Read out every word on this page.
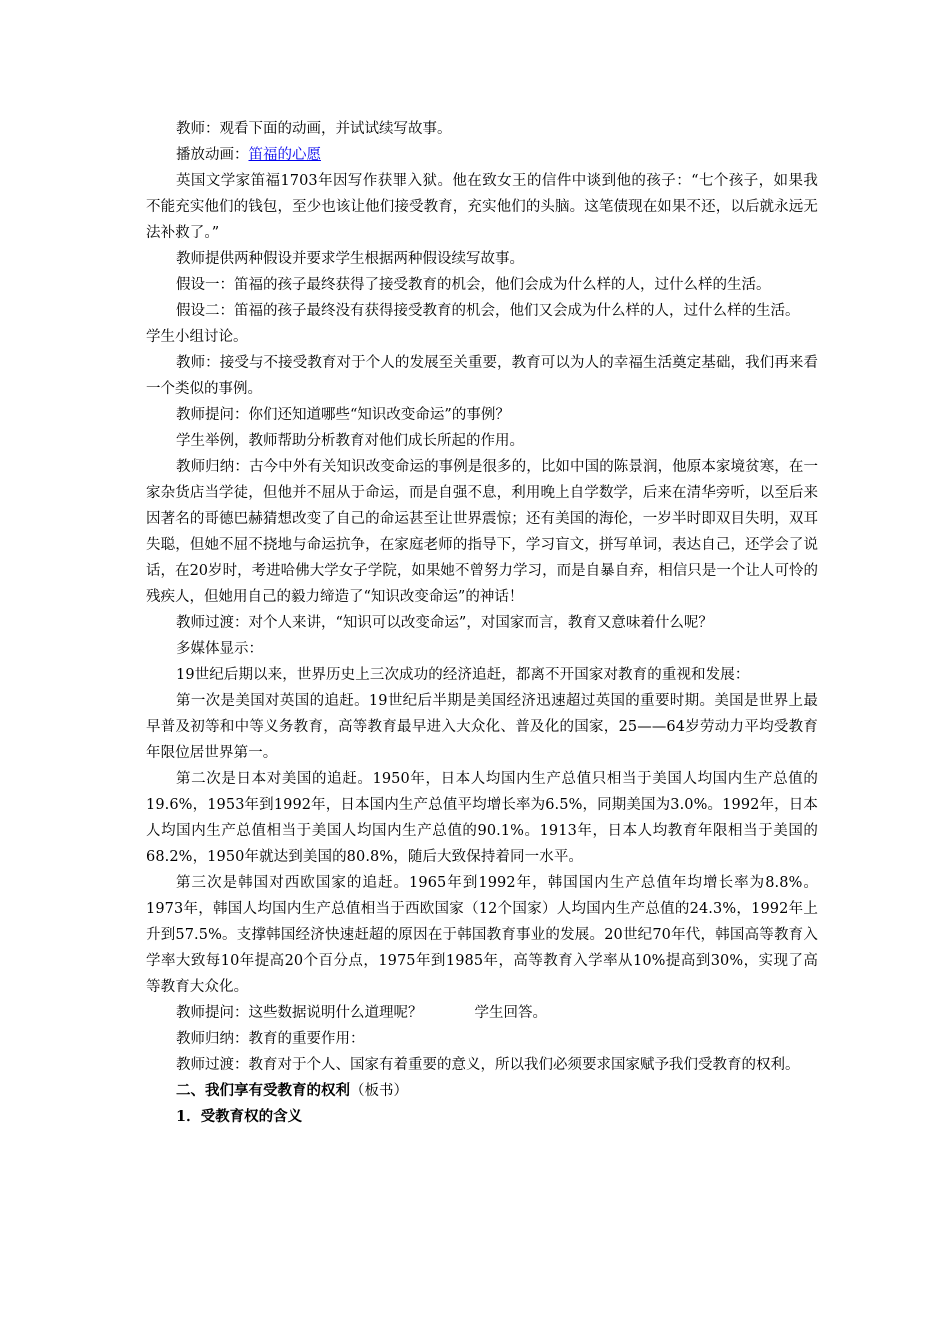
教师：观看下面的动画，并试试续写故事。

播放动画：笛福的心愿

英国文学家笛福1703年因写作获罪入狱。他在致女王的信件中谈到他的孩子：“七个孩子，如果我不能充实他们的钱包，至少也该让他们接受教育，充实他们的头脑。这笔债现在如果不还，以后就永远无法补救了。”

教师提供两种假设并要求学生根据两种假设续写故事。

假设一：笛福的孩子最终获得了接受教育的机会，他们会成为什么样的人，过什么样的生活。

假设二：笛福的孩子最终没有获得接受教育的机会，他们又会成为什么样的人，过什么样的生活。

学生小组讨论。

教师：接受与不接受教育对于个人的发展至关重要，教育可以为人的幸福生活奠定基础，我们再来看一个类似的事例。

教师提问：你们还知道哪些“知识改变命运”的事例？

学生举例，教师帮助分析教育对他们成长所起的作用。

教师归纳：古今中外有关知识改变命运的事例是很多的，比如中国的陈景润，他原本家境贫寒，在一家杂货店当学徒，但他并不屈从于命运，而是自强不息，利用晚上自学数学，后来在清华旁听，以至后来因著名的哥德巴赫猜想改变了自己的命运甚至让世界震惊；还有美国的海伦，一岁半时即双目失明，双耳失聪，但她不屈不挠地与命运抗争，在家庭老师的指导下，学习盲文，拼写单词，表达自己，还学会了说话，在20岁时，考进哈佛大学女子学院，如果她不曾努力学习，而是自暴自弃，相信只是一个让人可怜的残疾人，但她用自己的毅力缔造了“知识改变命运”的神话！

教师过渡：对个人来讲，“知识可以改变命运”，对国家而言，教育又意味着什么呢？

多媒体显示：

19世纪后期以来，世界历史上三次成功的经济追赶，都离不开国家对教育的重视和发展：

第一次是美国对英国的追赶。19世纪后半期是美国经济迅速超过英国的重要时期。美国是世界上最早普及初等和中等义务教育，高等教育最早进入大众化、普及化的国家，25——64岁劳动力平均受教育年限位居世界第一。

第二次是日本对美国的追赶。1950年，日本人均国内生产总值只相当于美国人均国内生产总值的19.6%，1953年到1992年，日本国内生产总值平均增长率为6.5%，同期美国为3.0%。1992年，日本人均国内生产总值相当于美国人均国内生产总值的90.1%。1913年，日本人均教育年限相当于美国的68.2%，1950年就达到美国的80.8%，随后大致保持着同一水平。

第三次是韩国对西欧国家的追赶。1965年到1992年，韩国国内生产总值年均增长率为8.8%。1973年，韩国人均国内生产总值相当于西欧国家（12个国家）人均国内生产总值的24.3%，1992年上升到57.5%。支撑韩国经济快速赶超的原因在于韩国教育事业的发展。20世纪70年代，韩国高等教育入学率大致每10年提高20个百分点，1975年到1985年，高等教育入学率从10%提高到30%，实现了高等教育大众化。

教师提问：这些数据说明什么道理呢？	学生回答。

教师归纳：教育的重要作用：

教师过渡：教育对于个人、国家有着重要的意义，所以我们必须要求国家赋予我们受教育的权利。

二、我们享有受教育的权利（板书）

1．受教育权的含义
